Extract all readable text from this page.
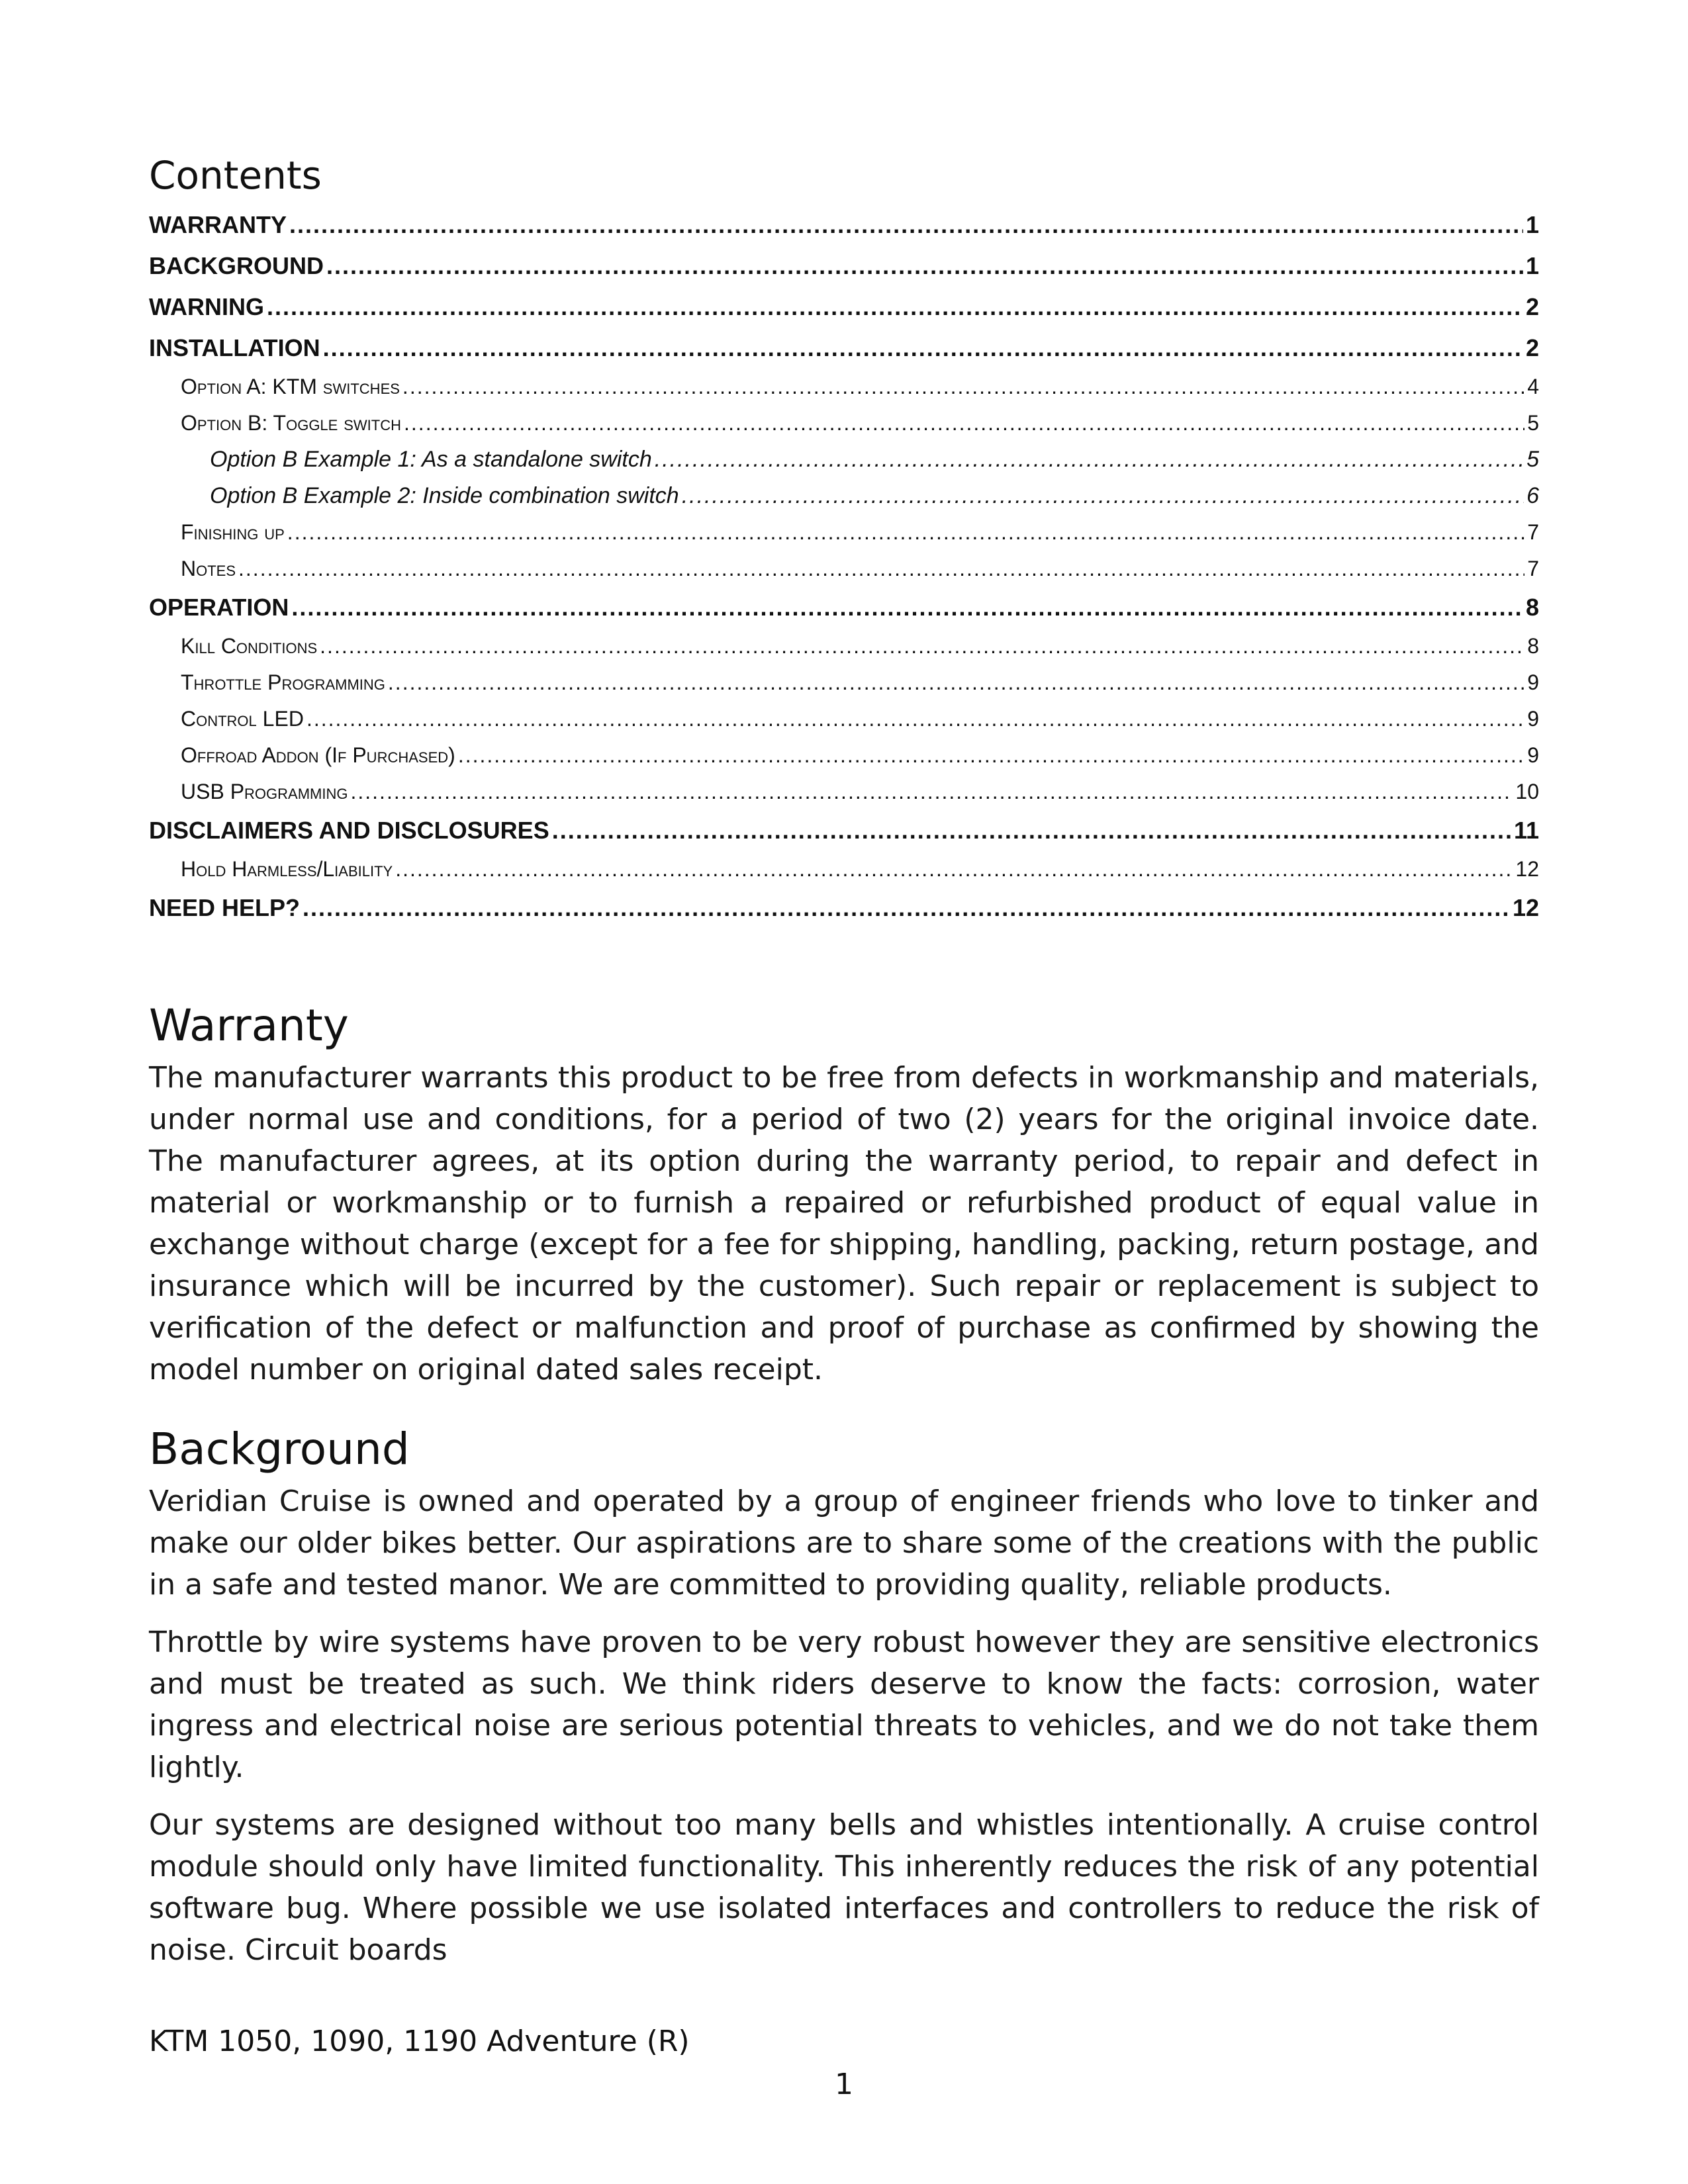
Contents
WARRANTY .....	1
BACKGROUND .....	1
WARNING .....	2
INSTALLATION .....	2
Option A: KTM switches .....	4
Option B: Toggle switch .....	5
Option B Example 1: As a standalone switch .....	5
Option B Example 2: Inside combination switch .....	6
Finishing up .....	7
Notes .....	7
OPERATION .....	8
Kill Conditions .....	8
Throttle Programming .....	9
Control LED .....	9
Offroad Addon (If Purchased) .....	9
USB Programming .....	10
DISCLAIMERS AND DISCLOSURES .....	11
Hold Harmless/Liability .....	12
NEED HELP? .....	12
Warranty

The manufacturer warrants this product to be free from defects in workmanship and materials, under normal use and conditions, for a period of two (2) years for the original invoice date. The manufacturer agrees, at its option during the warranty period, to repair and defect in material or workmanship or to furnish a repaired or refurbished product of equal value in exchange without charge (except for a fee for shipping, handling, packing, return postage, and insurance which will be incurred by the customer). Such repair or replacement is subject to verification of the defect or malfunction and proof of purchase as confirmed by showing the model number on original dated sales receipt.

Background

Veridian Cruise is owned and operated by a group of engineer friends who love to tinker and make our older bikes better. Our aspirations are to share some of the creations with the public in a safe and tested manor. We are committed to providing quality, reliable products.

Throttle by wire systems have proven to be very robust however they are sensitive electronics and must be treated as such. We think riders deserve to know the facts: corrosion, water ingress and electrical noise are serious potential threats to vehicles, and we do not take them lightly.

Our systems are designed without too many bells and whistles intentionally. A cruise control module should only have limited functionality. This inherently reduces the risk of any potential software bug. Where possible we use isolated interfaces and controllers to reduce the risk of noise. Circuit boards

KTM 1050, 1090, 1190 Adventure (R)
1
